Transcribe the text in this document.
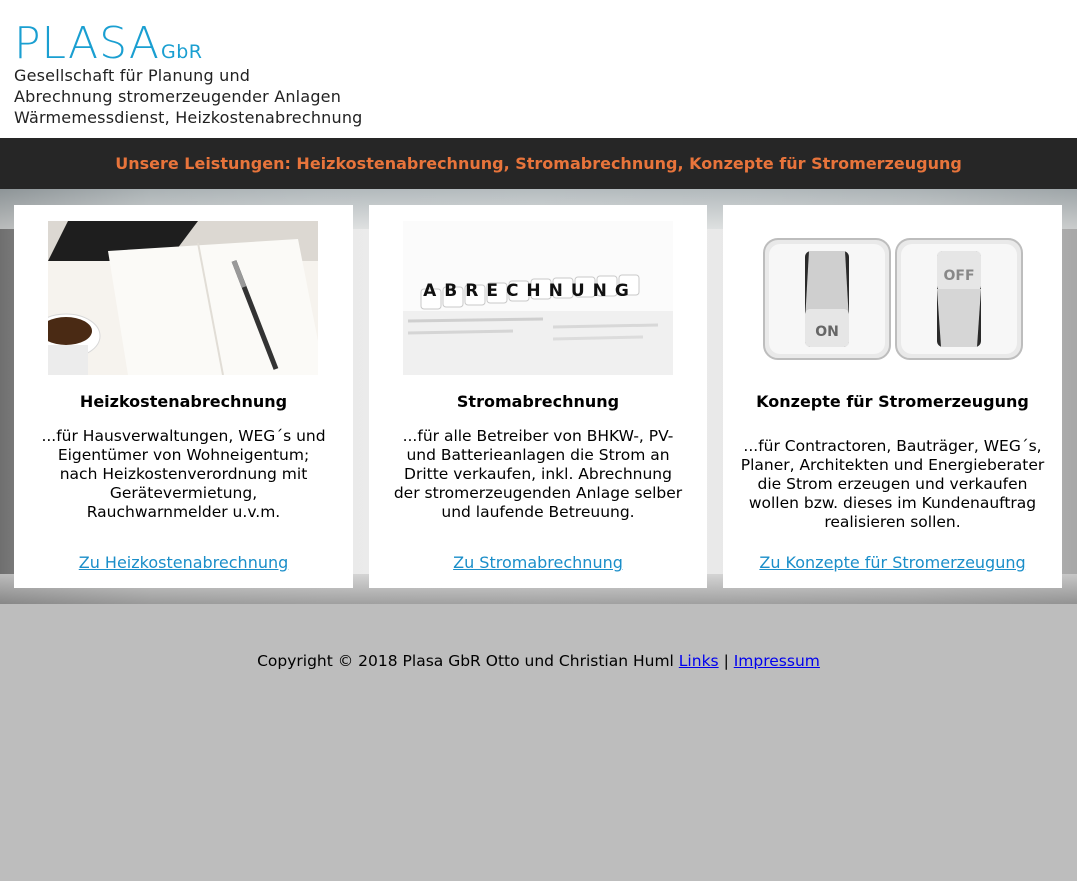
PLASAGbR
Gesellschaft für Planung und
Abrechnung stromerzeugender Anlagen
Wärmemessdienst, Heizkostenabrechnung
Unsere Leistungen: Heizkostenabrechnung, Stromabrechnung, Konzepte für Stromerzeugung
Heizkostenabrechnung
...für Hausverwaltungen, WEG´s und Eigentümer von Wohneigentum; nach Heizkostenverordnung mit Gerätevermietung, Rauchwarnmelder u.v.m.
Zu Heizkostenabrechnung
ABRECHNUNG
Stromabrechnung
...für alle Betreiber von BHKW-, PV- und Batterieanlagen die Strom an Dritte verkaufen, inkl. Abrechnung der stromerzeugenden Anlage selber und laufende Betreuung.
Zu Stromabrechnung
ON
OFF
Konzepte für Stromerzeugung
...für Contractoren, Bauträger, WEG´s, Planer, Architekten und Energieberater die Strom erzeugen und verkaufen wollen bzw. dieses im Kundenauftrag realisieren sollen.
Zu Konzepte für Stromerzeugung
Copyright © 2018 Plasa GbR Otto und Christian Huml Links | Impressum
